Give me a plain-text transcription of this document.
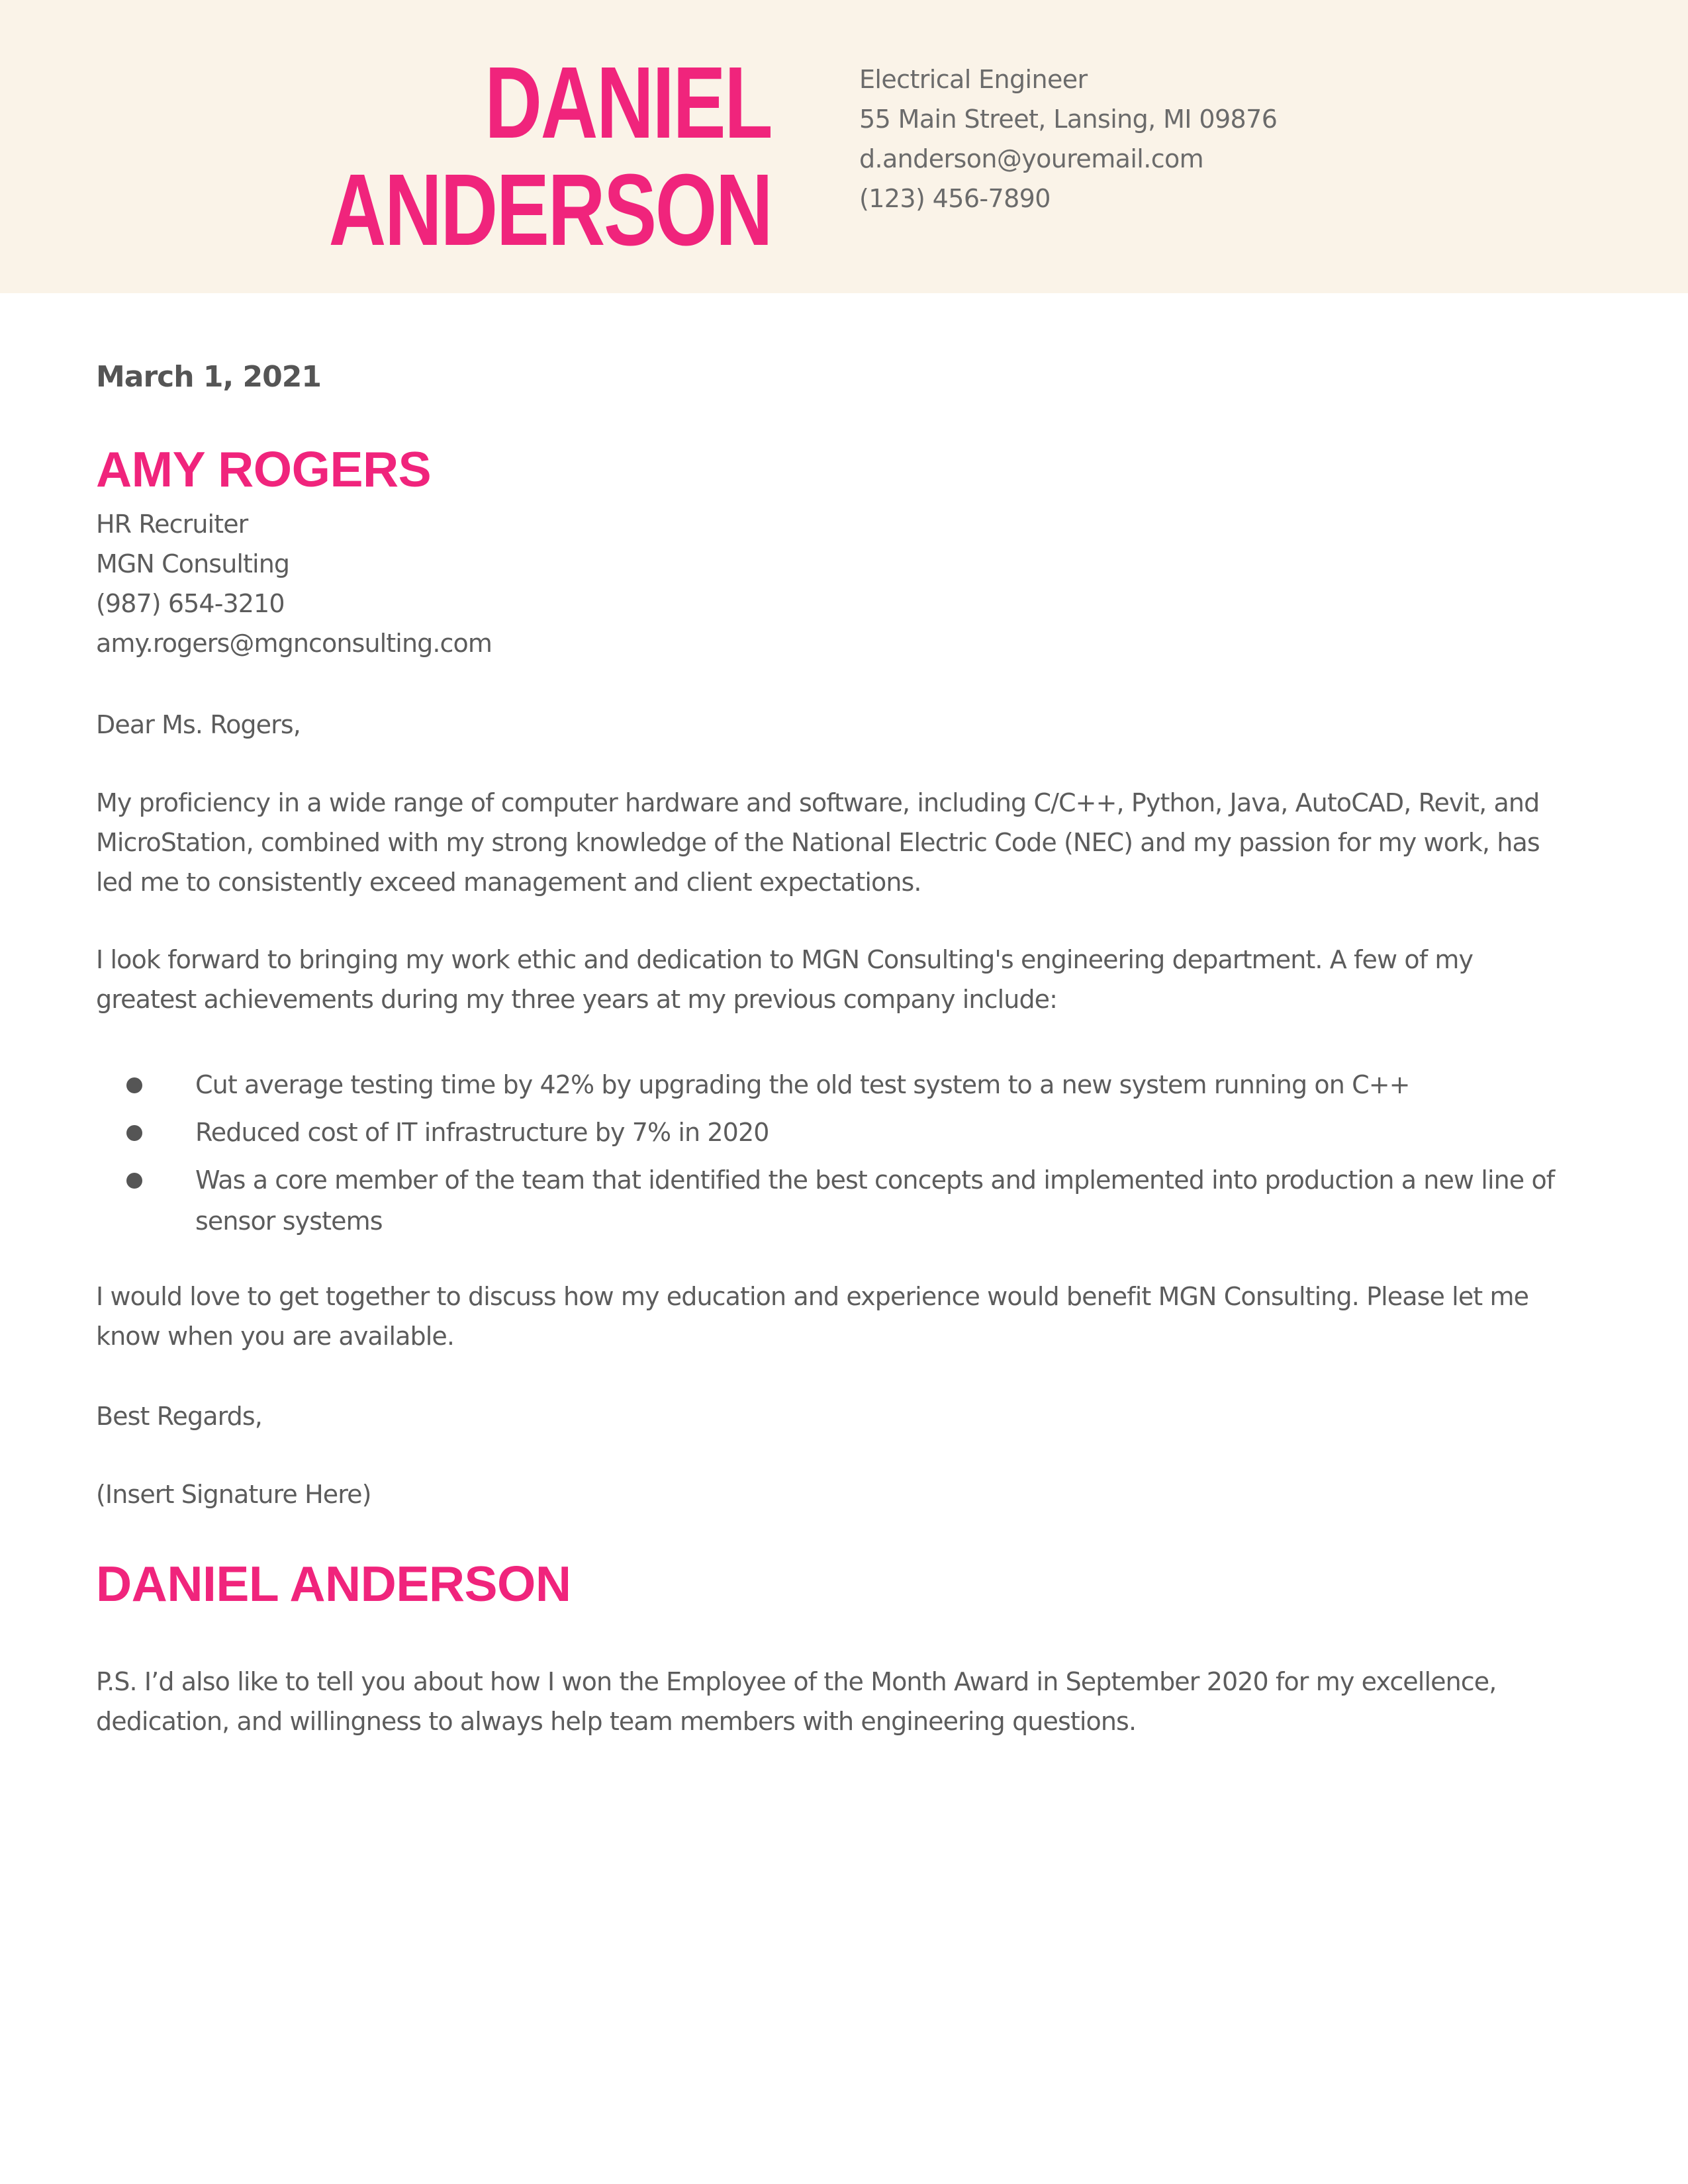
DANIEL
ANDERSON
Electrical Engineer
55 Main Street, Lansing, MI 09876
d.anderson@youremail.com
(123) 456-7890
March 1, 2021
AMY ROGERS
HR Recruiter
MGN Consulting
(987) 654-3210
amy.rogers@mgnconsulting.com
Dear Ms. Rogers,
My proficiency in a wide range of computer hardware and software, including C/C++, Python, Java, AutoCAD, Revit, and
MicroStation, combined with my strong knowledge of the National Electric Code (NEC) and my passion for my work, has
led me to consistently exceed management and client expectations.
I look forward to bringing my work ethic and dedication to MGN Consulting's engineering department. A few of my
greatest achievements during my three years at my previous company include:
Cut average testing time by 42% by upgrading the old test system to a new system running on C++
Reduced cost of IT infrastructure by 7% in 2020
Was a core member of the team that identified the best concepts and implemented into production a new line of
sensor systems
I would love to get together to discuss how my education and experience would benefit MGN Consulting. Please let me
know when you are available.
Best Regards,
(Insert Signature Here)
DANIEL ANDERSON
P.S. I’d also like to tell you about how I won the Employee of the Month Award in September 2020 for my excellence,
dedication, and willingness to always help team members with engineering questions.
